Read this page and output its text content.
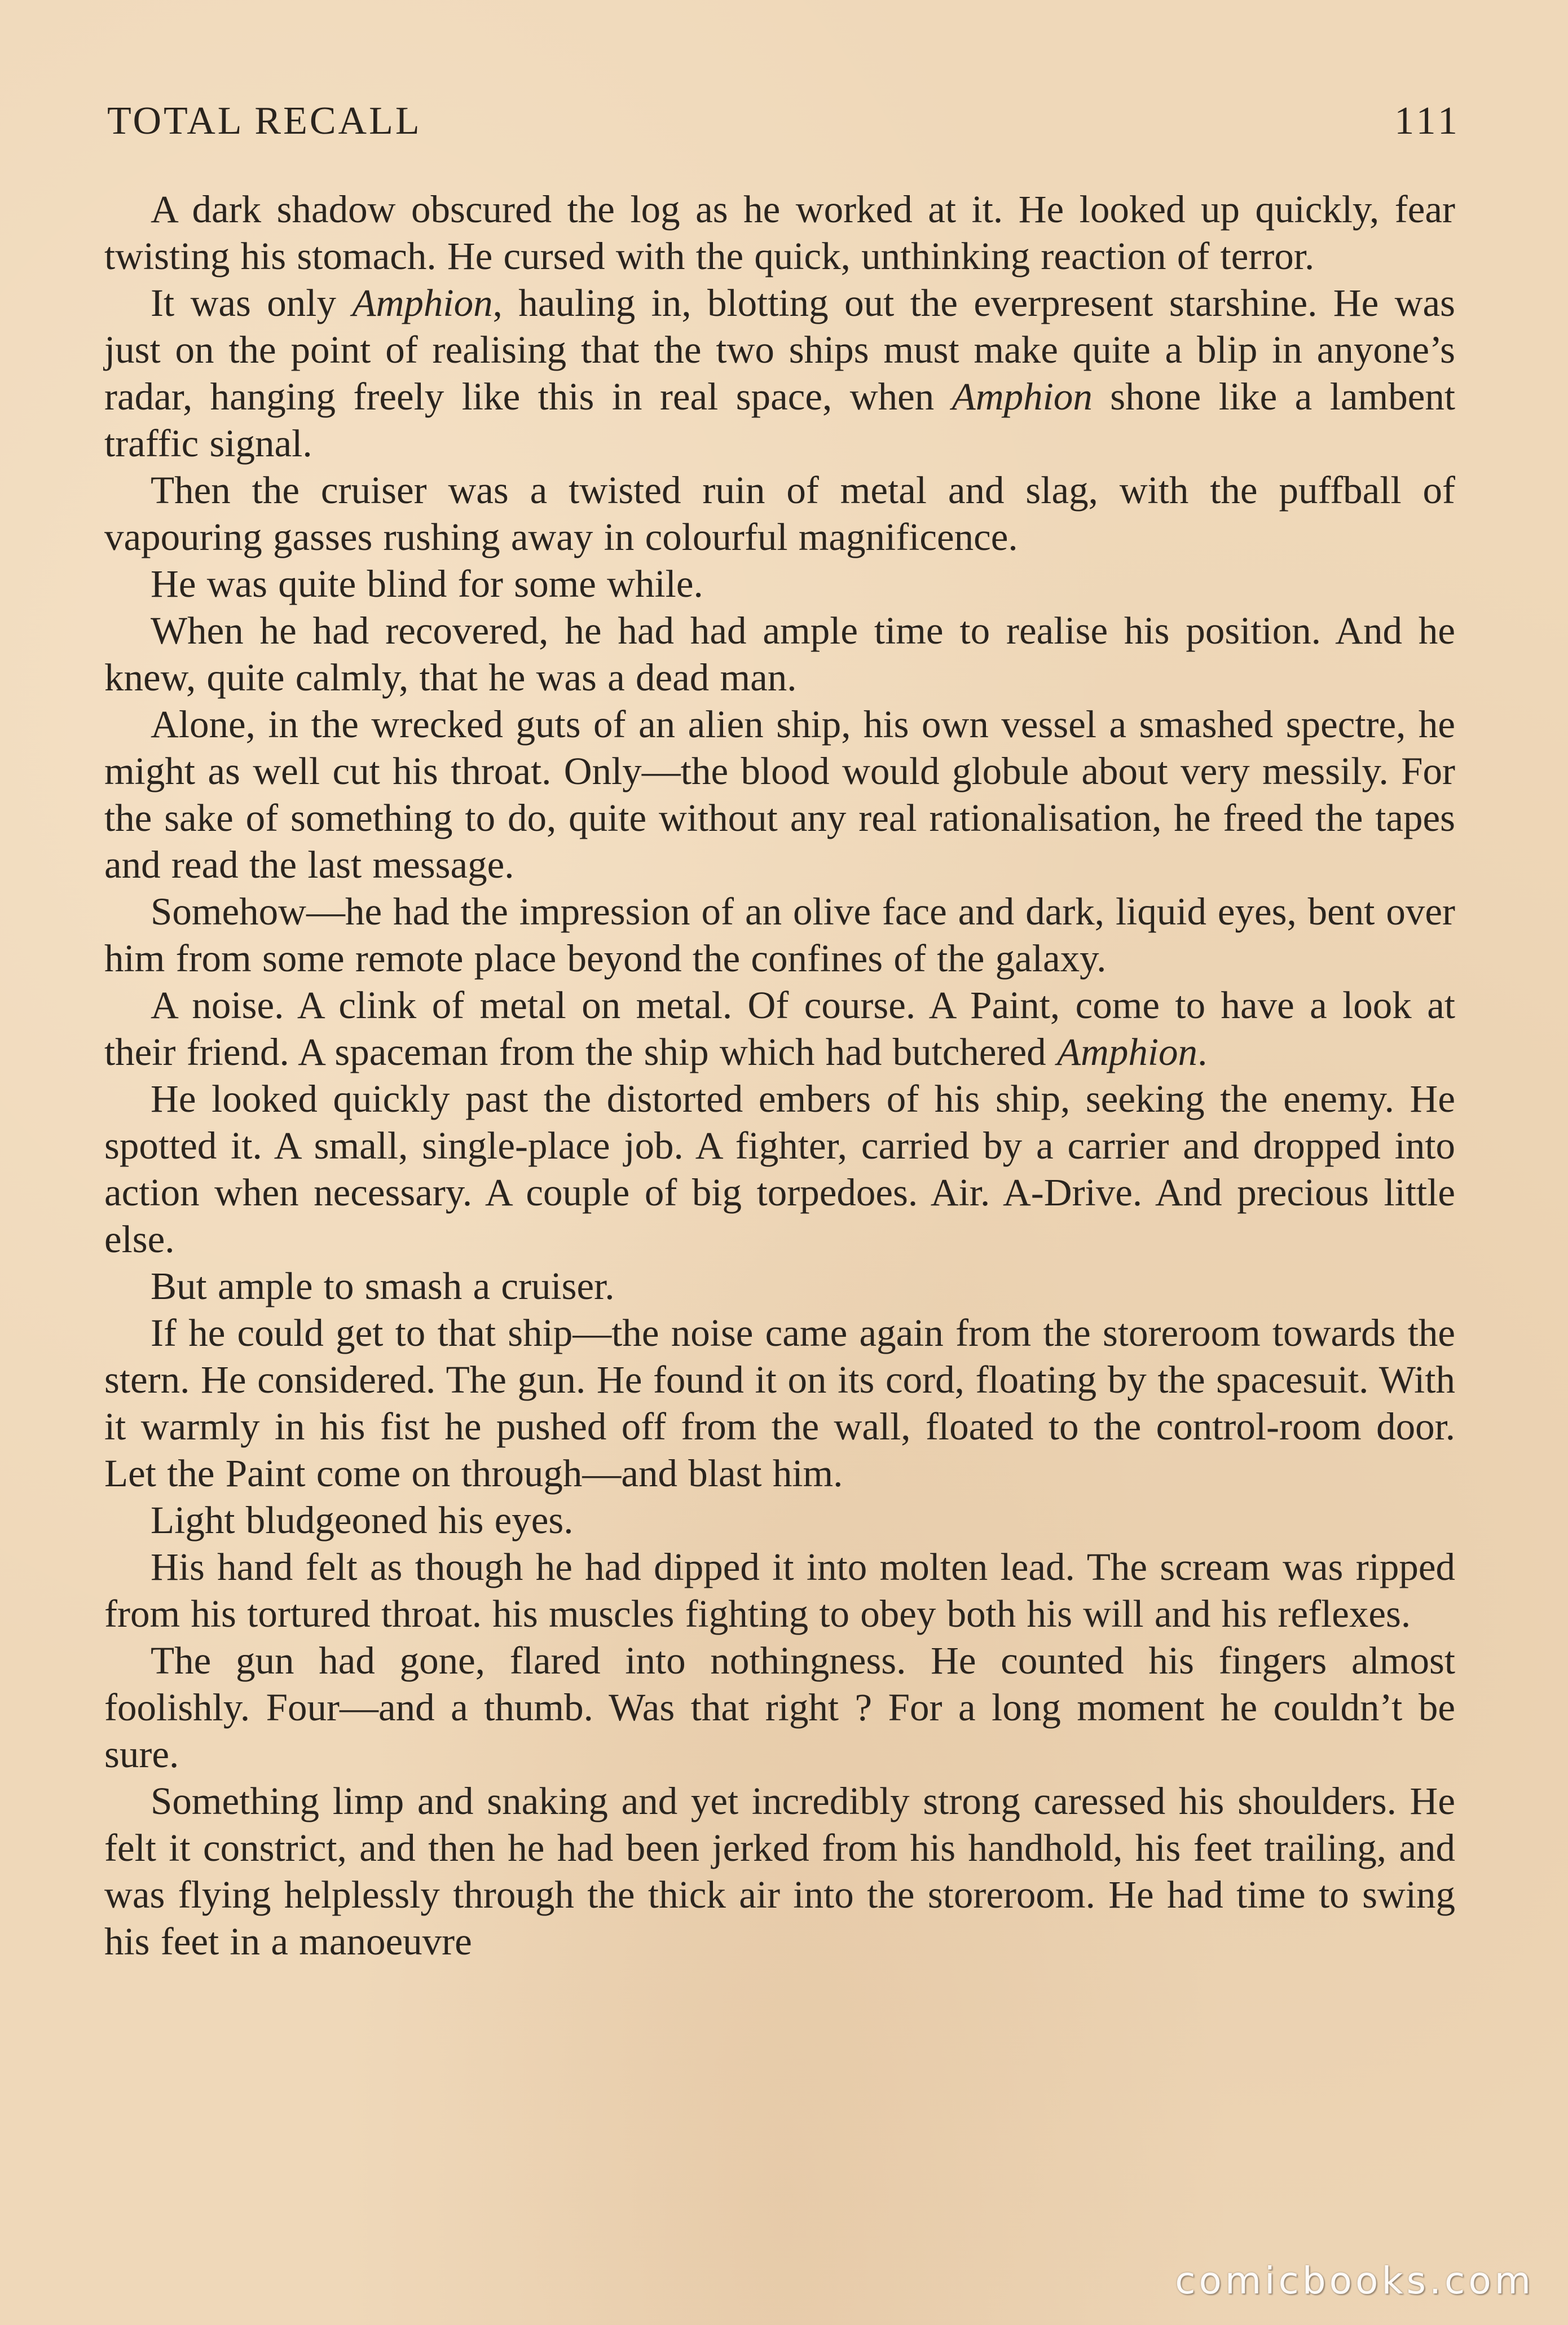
TOTAL RECALL	111

A dark shadow obscured the log as he worked at it. He looked up quickly, fear twisting his stomach. He cursed with the quick, unthinking reaction of terror.

It was only Amphion, hauling in, blotting out the everpresent starshine. He was just on the point of realising that the two ships must make quite a blip in anyone’s radar, hanging freely like this in real space, when Amphion shone like a lambent traffic signal.

Then the cruiser was a twisted ruin of metal and slag, with the puffball of vapouring gasses rushing away in colourful magnificence.

He was quite blind for some while.

When he had recovered, he had had ample time to realise his position. And he knew, quite calmly, that he was a dead man.

Alone, in the wrecked guts of an alien ship, his own vessel a smashed spectre, he might as well cut his throat. Only—the blood would globule about very messily. For the sake of something to do, quite without any real rationalisation, he freed the tapes and read the last message.

Somehow—he had the impression of an olive face and dark, liquid eyes, bent over him from some remote place beyond the confines of the galaxy.

A noise. A clink of metal on metal. Of course. A Paint, come to have a look at their friend. A spaceman from the ship which had butchered Amphion.

He looked quickly past the distorted embers of his ship, seeking the enemy. He spotted it. A small, single-place job. A fighter, carried by a carrier and dropped into action when necessary. A couple of big torpedoes. Air. A-Drive. And precious little else.

But ample to smash a cruiser.

If he could get to that ship—the noise came again from the storeroom towards the stern. He considered. The gun. He found it on its cord, floating by the spacesuit. With it warmly in his fist he pushed off from the wall, floated to the control-room door. Let the Paint come on through—and blast him.

Light bludgeoned his eyes.

His hand felt as though he had dipped it into molten lead. The scream was ripped from his tortured throat. his muscles fighting to obey both his will and his reflexes.

The gun had gone, flared into nothingness. He counted his fingers almost foolishly. Four—and a thumb. Was that right ? For a long moment he couldn’t be sure.

Something limp and snaking and yet incredibly strong caressed his shoulders. He felt it constrict, and then he had been jerked from his handhold, his feet trailing, and was flying helplessly through the thick air into the storeroom. He had time to swing his feet in a manoeuvre

comicbooks.com
